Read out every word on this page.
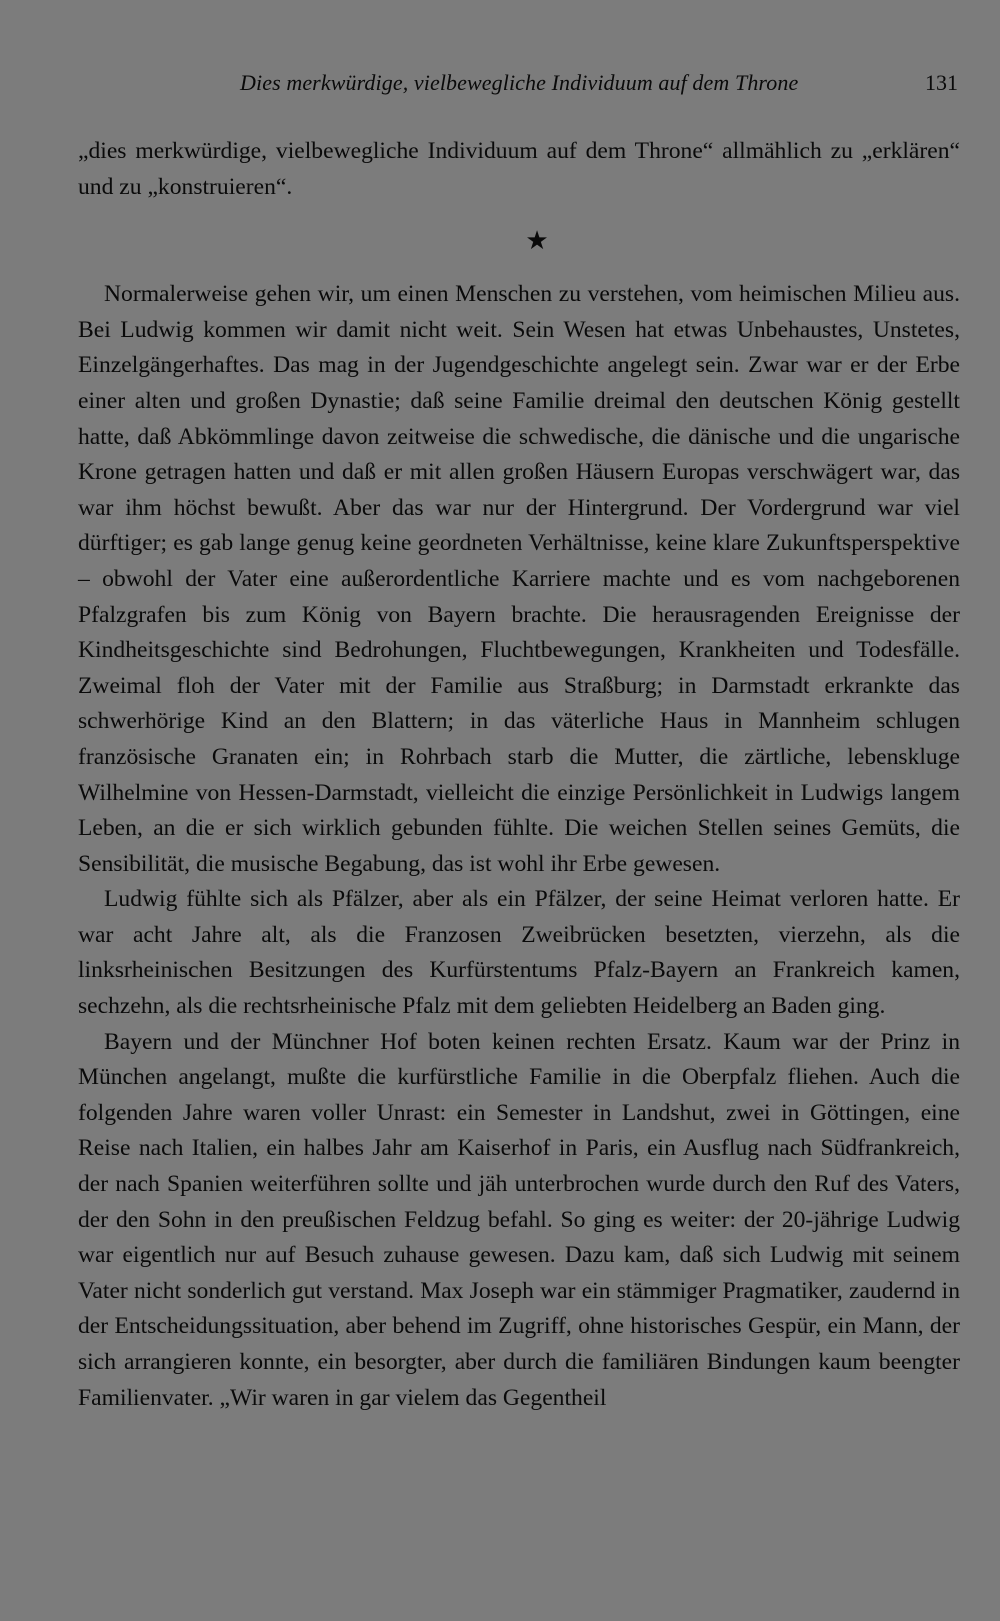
Dies merkwürdige, vielbewegliche Individuum auf dem Throne	131

„dies merkwürdige, vielbewegliche Individuum auf dem Throne“ allmählich zu „erklären“ und zu „konstruieren“.

★

Normalerweise gehen wir, um einen Menschen zu verstehen, vom heimischen Milieu aus. Bei Ludwig kommen wir damit nicht weit. Sein Wesen hat etwas Unbehaustes, Unstetes, Einzelgängerhaftes. Das mag in der Jugendgeschichte angelegt sein. Zwar war er der Erbe einer alten und großen Dynastie; daß seine Familie dreimal den deutschen König gestellt hatte, daß Abkömmlinge davon zeitweise die schwedische, die dänische und die ungarische Krone getragen hatten und daß er mit allen großen Häusern Europas verschwägert war, das war ihm höchst bewußt. Aber das war nur der Hintergrund. Der Vordergrund war viel dürftiger; es gab lange genug keine geordneten Verhältnisse, keine klare Zukunftsperspektive – obwohl der Vater eine außerordentliche Karriere machte und es vom nachgeborenen Pfalzgrafen bis zum König von Bayern brachte. Die herausragenden Ereignisse der Kindheitsgeschichte sind Bedrohungen, Fluchtbewegungen, Krankheiten und Todesfälle. Zweimal floh der Vater mit der Familie aus Straßburg; in Darmstadt erkrankte das schwerhörige Kind an den Blattern; in das väterliche Haus in Mannheim schlugen französische Granaten ein; in Rohrbach starb die Mutter, die zärtliche, lebenskluge Wilhelmine von Hessen-Darmstadt, vielleicht die einzige Persönlichkeit in Ludwigs langem Leben, an die er sich wirklich gebunden fühlte. Die weichen Stellen seines Gemüts, die Sensibilität, die musische Begabung, das ist wohl ihr Erbe gewesen.

Ludwig fühlte sich als Pfälzer, aber als ein Pfälzer, der seine Heimat verloren hatte. Er war acht Jahre alt, als die Franzosen Zweibrücken besetzten, vierzehn, als die linksrheinischen Besitzungen des Kurfürstentums Pfalz-Bayern an Frankreich kamen, sechzehn, als die rechtsrheinische Pfalz mit dem geliebten Heidelberg an Baden ging.

Bayern und der Münchner Hof boten keinen rechten Ersatz. Kaum war der Prinz in München angelangt, mußte die kurfürstliche Familie in die Oberpfalz fliehen. Auch die folgenden Jahre waren voller Unrast: ein Semester in Landshut, zwei in Göttingen, eine Reise nach Italien, ein halbes Jahr am Kaiserhof in Paris, ein Ausflug nach Südfrankreich, der nach Spanien weiterführen sollte und jäh unterbrochen wurde durch den Ruf des Vaters, der den Sohn in den preußischen Feldzug befahl. So ging es weiter: der 20-jährige Ludwig war eigentlich nur auf Besuch zuhause gewesen. Dazu kam, daß sich Ludwig mit seinem Vater nicht sonderlich gut verstand. Max Joseph war ein stämmiger Pragmatiker, zaudernd in der Entscheidungssituation, aber behend im Zugriff, ohne historisches Gespür, ein Mann, der sich arrangieren konnte, ein besorgter, aber durch die familiären Bindungen kaum beengter Familienvater. „Wir waren in gar vielem das Gegentheil
